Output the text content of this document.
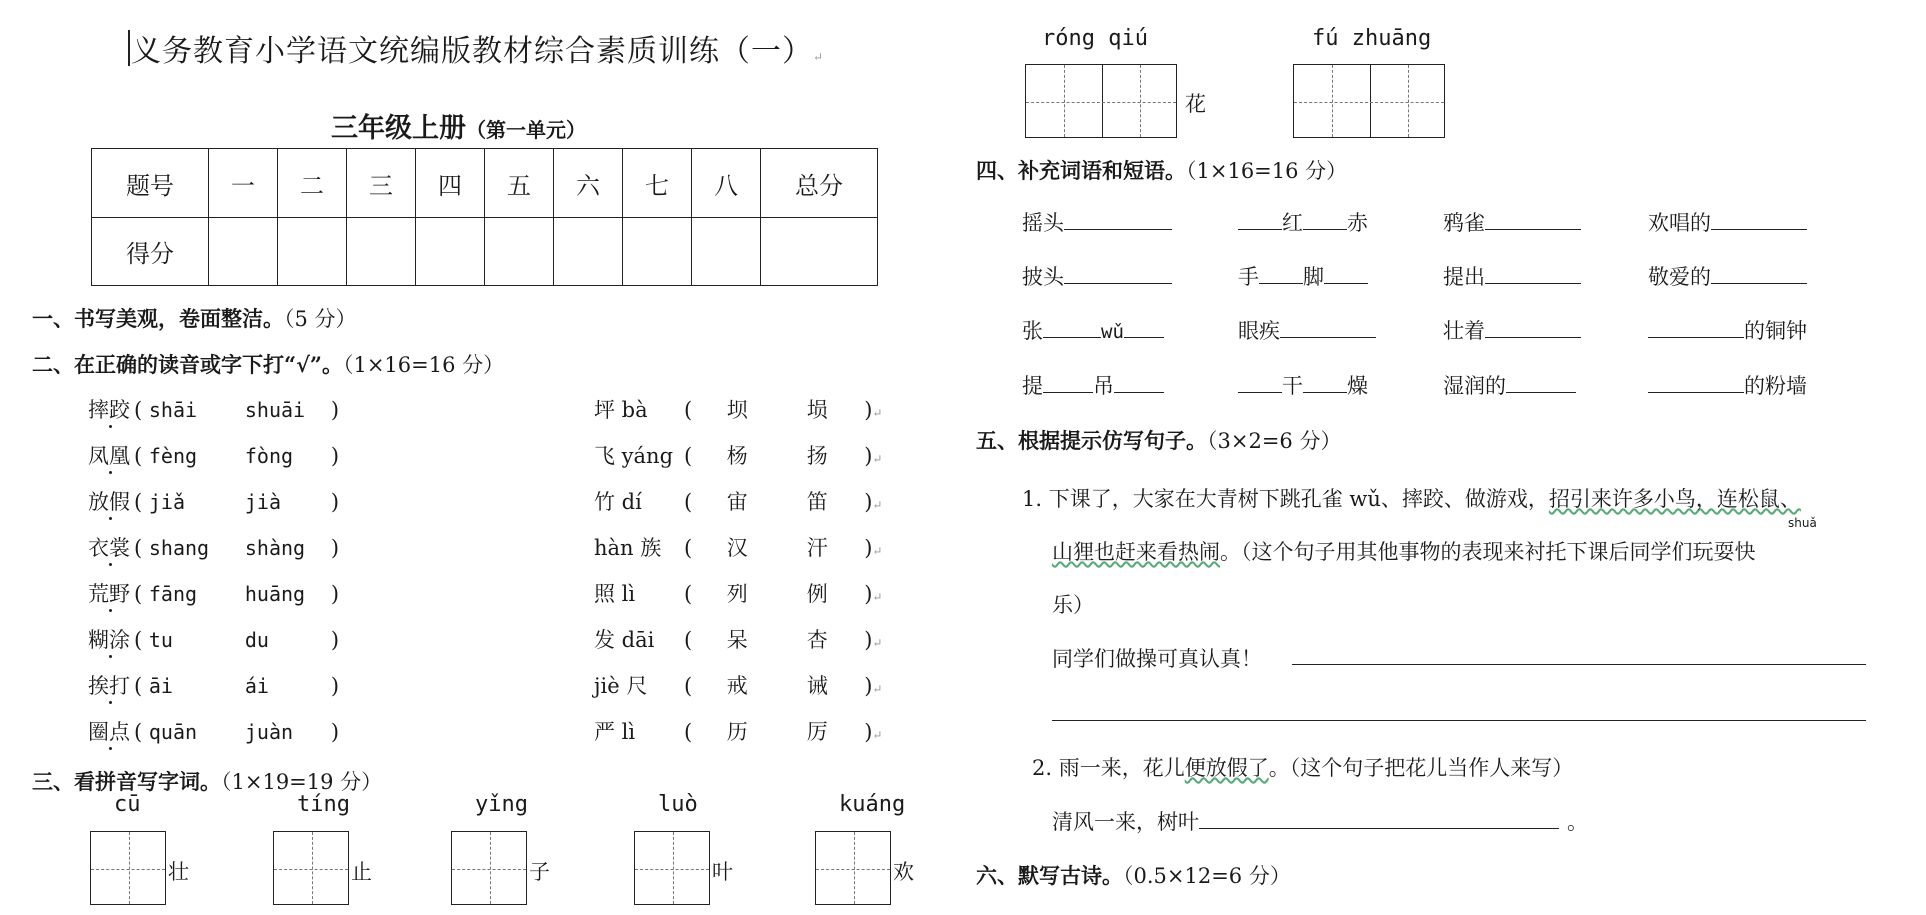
义务教育小学语文统编版教材综合素质训练（一）↵
三年级上册（第一单元）
题号	一	二	三	四	五	六	七	八	总分
得分									
一、书写美观，卷面整洁。（5 分）
二、在正确的读音或字下打“√”。（1×16=16 分）
摔跤 ( shāi shuāi )
凤凰 ( fèng fòng )
放假 ( jiǎ	jià )
衣裳 ( shang shàng )
荒野 ( fāng huāng )
糊涂 ( tu	du	)
挨打 ( āi	ái	)
圈点 ( quān juàn )
坪 bà ( 坝	埙 )↵
飞 yáng ( 杨	扬 )↵
竹 dí ( 宙	笛 )↵
hàn 族 ( 汉	汗 )↵
照 lì ( 列	例 )↵
发 dāi ( 呆	杏 )↵
jiè 尺 ( 戒	诫 )↵
严 lì ( 历	厉 )↵
三、看拼音写字词。（1×19=19 分）
cū
壮
tíng
止
yǐng
子
luò
叶
kuáng
欢
róng qiú
花
fú zhuāng
四、补充词语和短语。（1×16=16 分）
摇头	红 赤	鸦雀	欢唱的
披头	手 脚	提出	敬爱的
张	wǔ	眼疾	壮着	的铜钟
提 吊	干 燥	湿润的	的粉墙
五、根据提示仿写句子。（3×2=6 分）
1. 下课了，大家在大青树下跳孔雀 wǔ、摔跤、做游戏，招引来许多小鸟，连松鼠、
shuǎ
山狸也赶来看热闹。（这个句子用其他事物的表现来衬托下课后同学们玩耍快
乐）
同学们做操可真认真！
2. 雨一来，花儿便放假了。（这个句子把花儿当作人来写）
清风一来，树叶	。
六、默写古诗。（0.5×12=6 分）
